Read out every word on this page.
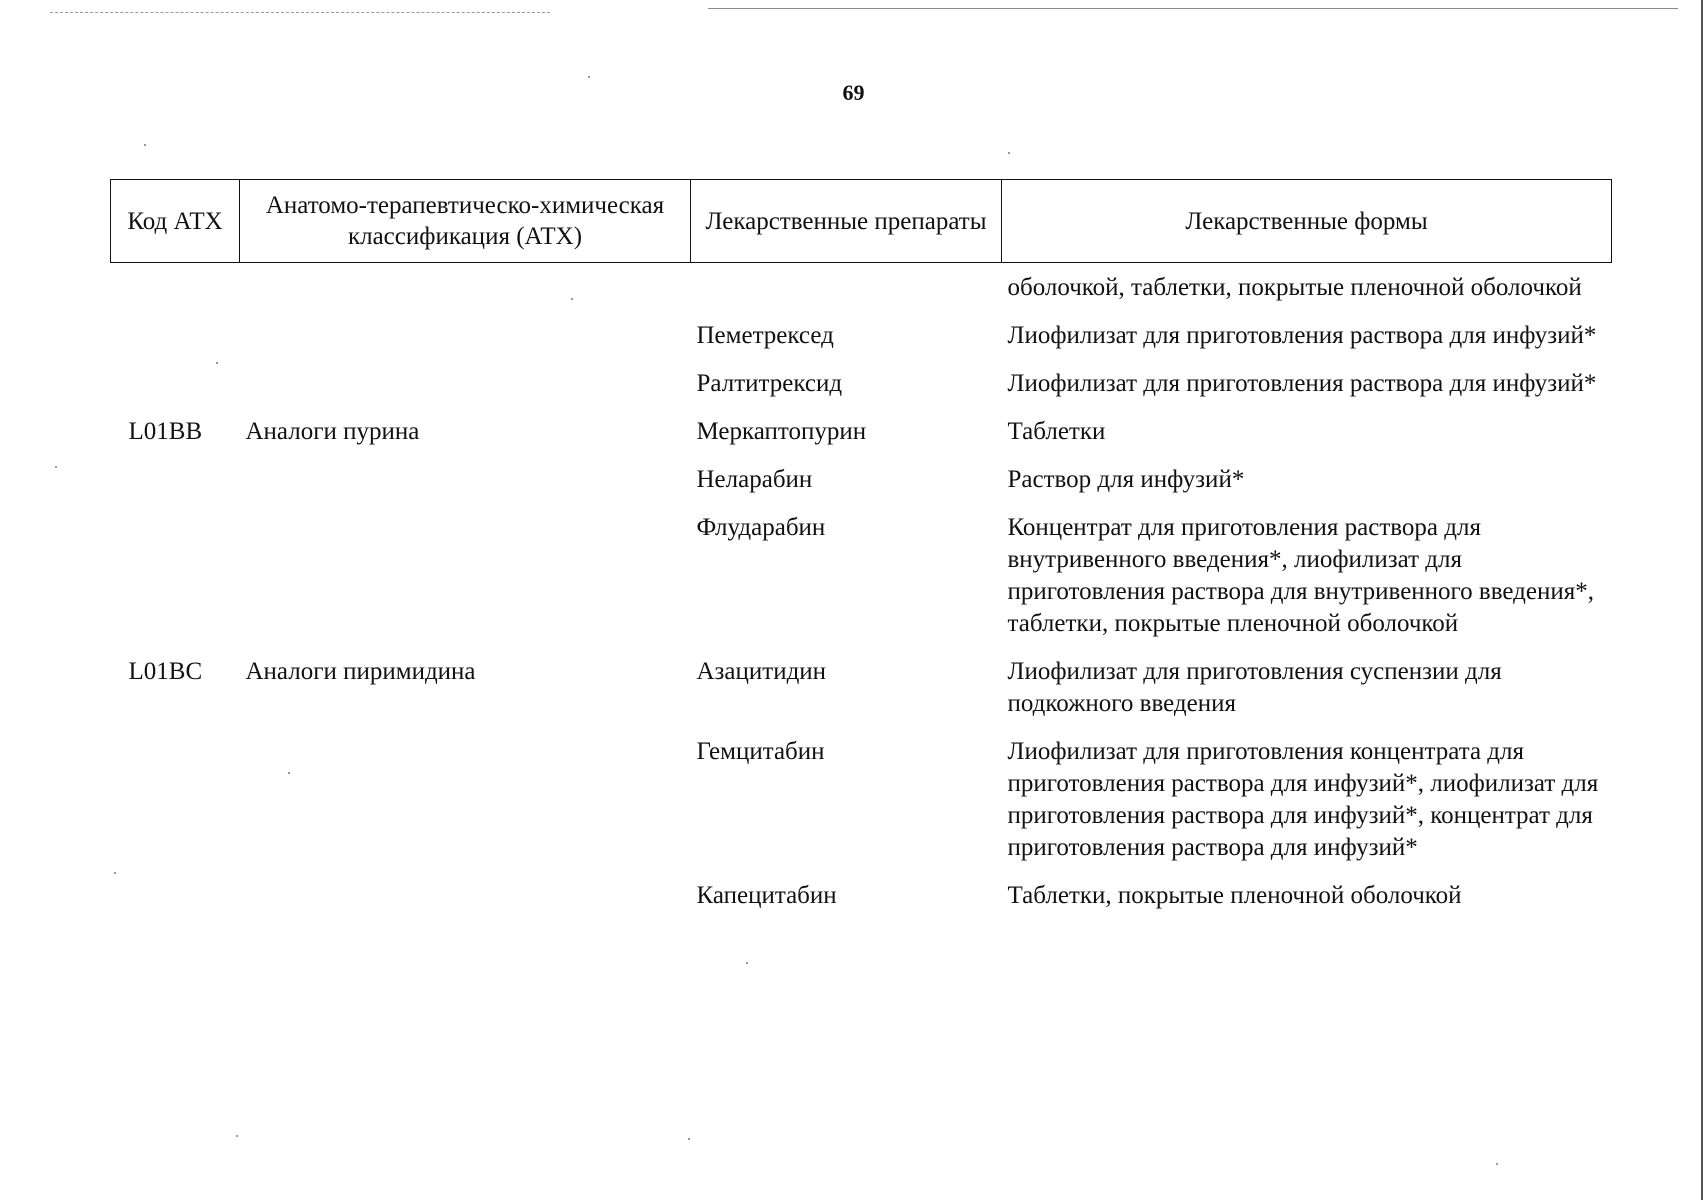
69
Код АТХ	Анатомо-терапевтическо-химическая классификация (АТХ)	Лекарственные препараты	Лекарственные формы
			оболочкой, таблетки, покрытые пленочной оболочкой
		Пеметрексед	Лиофилизат для приготовления раствора для инфузий*
		Ралтитрексид	Лиофилизат для приготовления раствора для инфузий*
L01BB	Аналоги пурина	Меркаптопурин	Таблетки
		Неларабин	Раствор для инфузий*
		Флударабин	Концентрат для приготовления раствора для внутривенного введения*, лиофилизат для приготовления раствора для внутривенного введения*, таблетки, покрытые пленочной оболочкой
L01BC	Аналоги пиримидина	Азацитидин	Лиофилизат для приготовления суспензии для подкожного введения
		Гемцитабин	Лиофилизат для приготовления концентрата для приготовления раствора для инфузий*, лиофилизат для приготовления раствора для инфузий*, концентрат для приготовления раствора для инфузий*
		Капецитабин	Таблетки, покрытые пленочной оболочкой
